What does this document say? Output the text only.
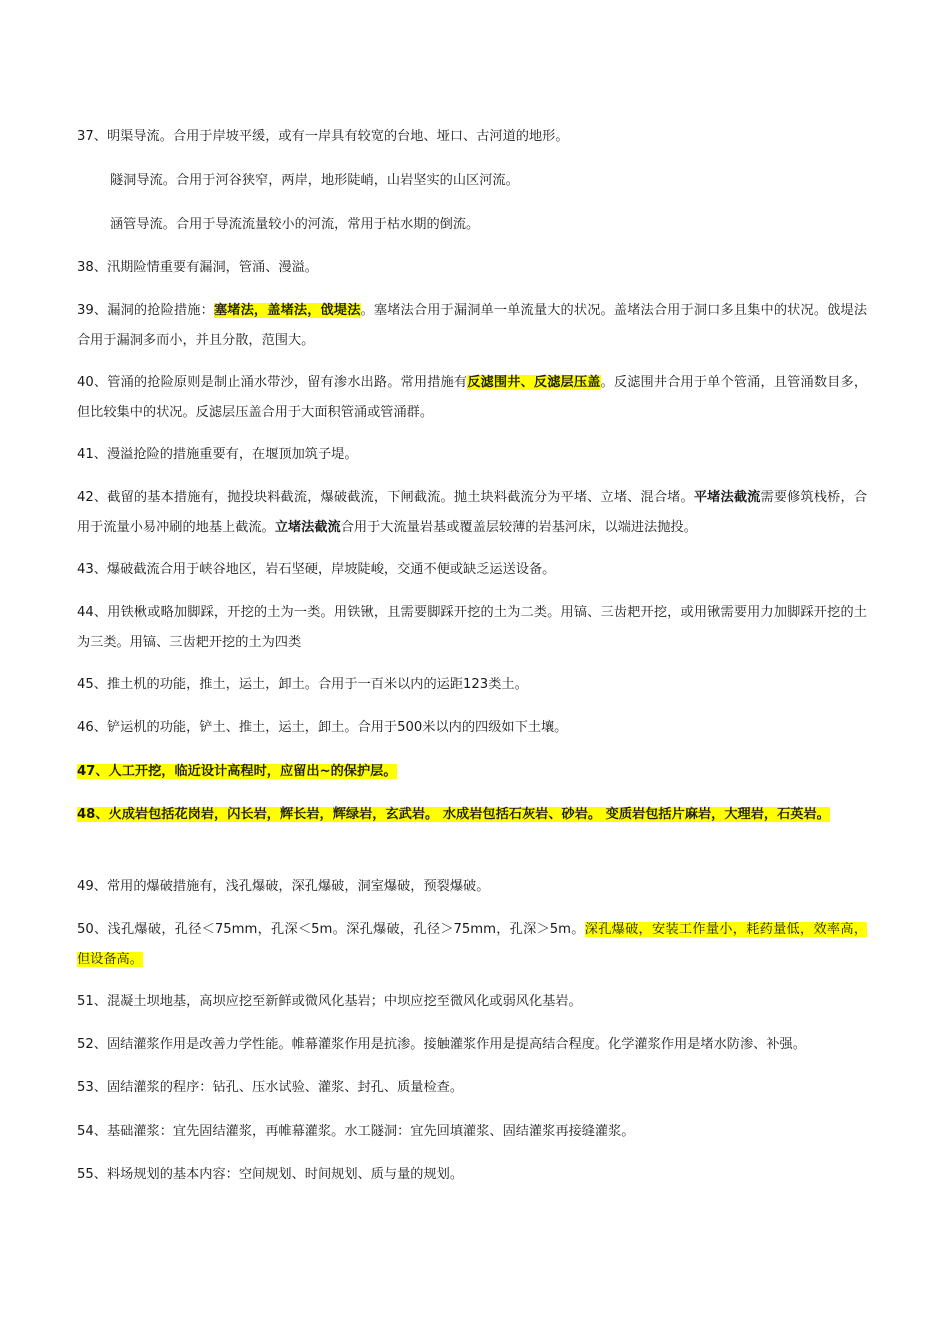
37、明渠导流。合用于岸坡平缓，或有一岸具有较宽的台地、垭口、古河道的地形。

隧洞导流。合用于河谷狭窄，两岸，地形陡峭，山岩坚实的山区河流。

涵管导流。合用于导流流量较小的河流，常用于枯水期的倒流。

38、汛期险情重要有漏洞，管涌、漫溢。

39、漏洞的抢险措施：塞堵法，盖堵法，戗堤法。塞堵法合用于漏洞单一单流量大的状况。盖堵法合用于洞口多且集中的状况。戗堤法合用于漏洞多而小，并且分散，范围大。

40、管涌的抢险原则是制止涌水带沙，留有渗水出路。常用措施有反滤围井、反滤层压盖。反滤围井合用于单个管涌，且管涌数目多，但比较集中的状况。反滤层压盖合用于大面积管涌或管涌群。

41、漫溢抢险的措施重要有，在堰顶加筑子堤。

42、截留的基本措施有，抛投块料截流，爆破截流，下闸截流。抛土块料截流分为平堵、立堵、混合堵。平堵法截流需要修筑栈桥，合用于流量小易冲刷的地基上截流。立堵法截流合用于大流量岩基或覆盖层较薄的岩基河床，以端进法抛投。

43、爆破截流合用于峡谷地区，岩石坚硬，岸坡陡峻，交通不便或缺乏运送设备。

44、用铁楸或略加脚踩，开挖的土为一类。用铁锹，且需要脚踩开挖的土为二类。用镐、三齿耙开挖，或用锹需要用力加脚踩开挖的土为三类。用镐、三齿耙开挖的土为四类

45、推土机的功能，推土，运土，卸土。合用于一百米以内的运距123类土。

46、铲运机的功能，铲土、推土，运土，卸土。合用于500米以内的四级如下土壤。

47、人工开挖，临近设计高程时，应留出~的保护层。

48、火成岩包括花岗岩，闪长岩，辉长岩，辉绿岩，玄武岩。 水成岩包括石灰岩、砂岩。 变质岩包括片麻岩，大理岩，石英岩。

49、常用的爆破措施有，浅孔爆破，深孔爆破，洞室爆破，预裂爆破。

50、浅孔爆破，孔径＜75mm，孔深＜5m。深孔爆破，孔径＞75mm，孔深＞5m。深孔爆破，安装工作量小，耗药量低，效率高，但设备高。

51、混凝土坝地基，高坝应挖至新鲜或微风化基岩；中坝应挖至微风化或弱风化基岩。

52、固结灌浆作用是改善力学性能。帷幕灌浆作用是抗渗。接触灌浆作用是提高结合程度。化学灌浆作用是堵水防渗、补强。

53、固结灌浆的程序：钻孔、压水试验、灌浆、封孔、质量检查。

54、基础灌浆：宜先固结灌浆，再帷幕灌浆。水工隧洞：宜先回填灌浆、固结灌浆再接缝灌浆。

55、料场规划的基本内容：空间规划、时间规划、质与量的规划。
